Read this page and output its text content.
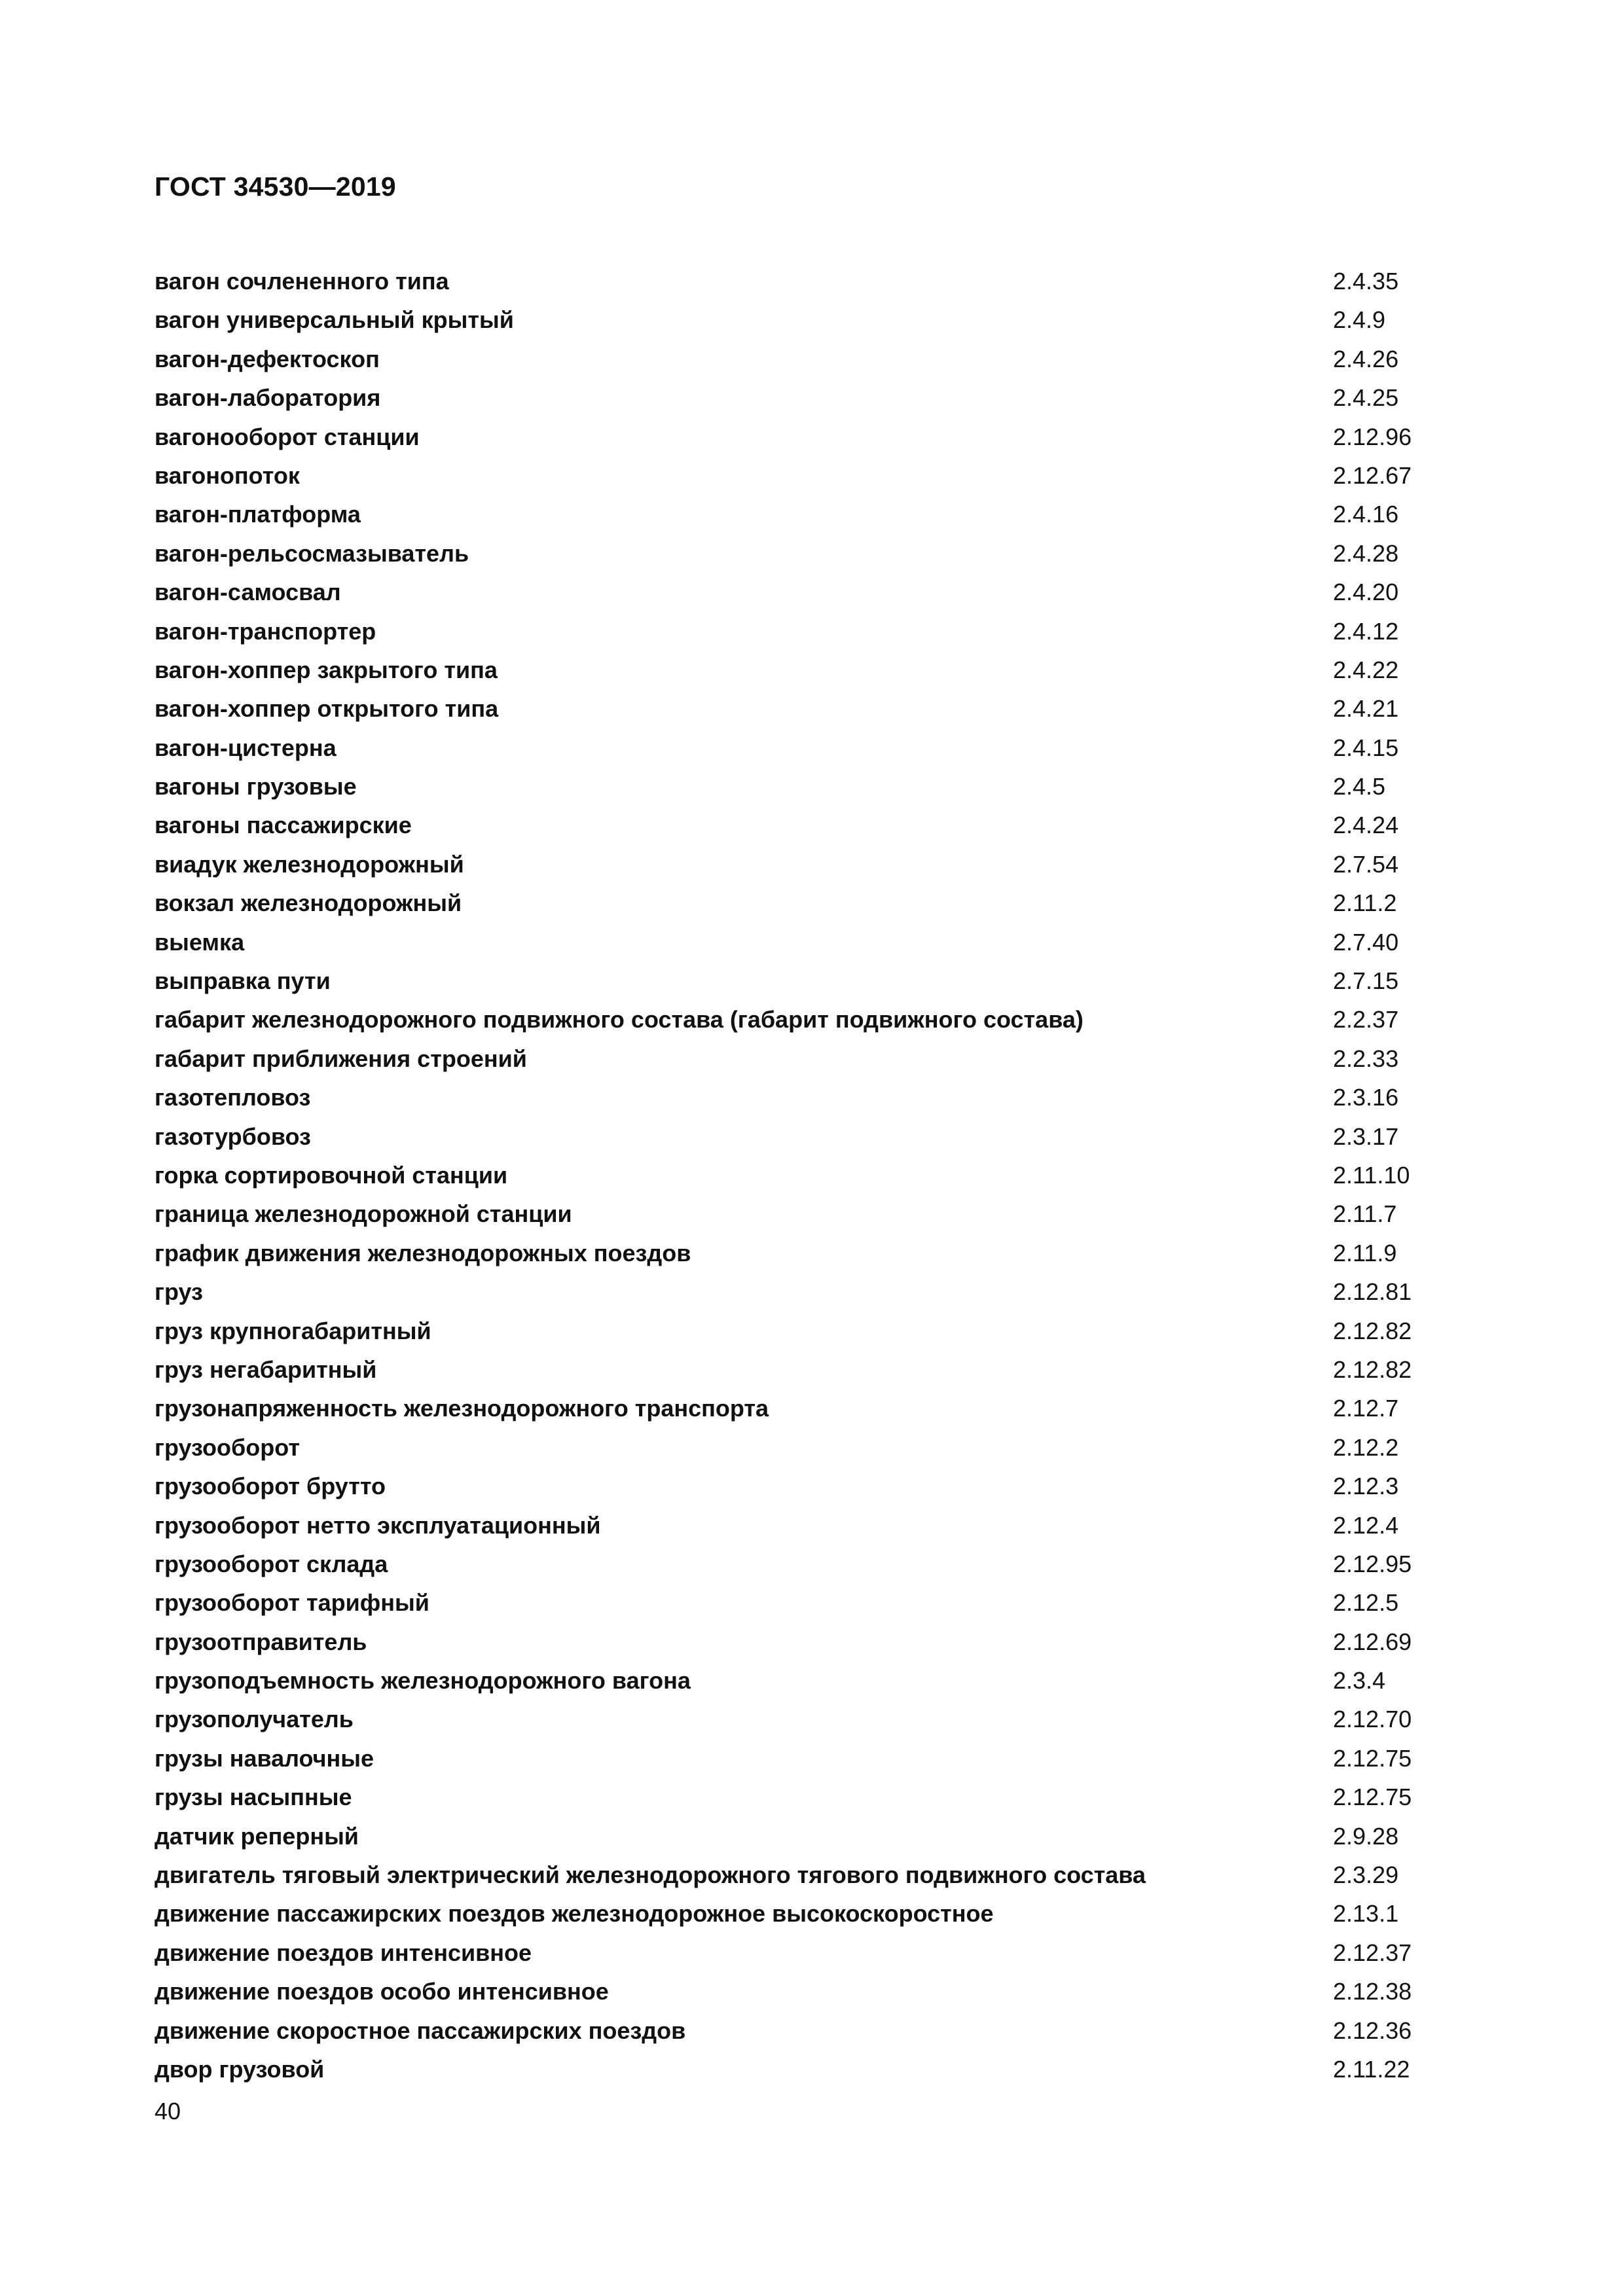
ГОСТ 34530—2019
вагон сочлененного типа	2.4.35
вагон универсальный крытый	2.4.9
вагон-дефектоскоп	2.4.26
вагон-лаборатория	2.4.25
вагонооборот станции	2.12.96
вагонопоток	2.12.67
вагон-платформа	2.4.16
вагон-рельсосмазыватель	2.4.28
вагон-самосвал	2.4.20
вагон-транспортер	2.4.12
вагон-хоппер закрытого типа	2.4.22
вагон-хоппер открытого типа	2.4.21
вагон-цистерна	2.4.15
вагоны грузовые	2.4.5
вагоны пассажирские	2.4.24
виадук железнодорожный	2.7.54
вокзал железнодорожный	2.11.2
выемка	2.7.40
выправка пути	2.7.15
габарит железнодорожного подвижного состава (габарит подвижного состава)	2.2.37
габарит приближения строений	2.2.33
газотепловоз	2.3.16
газотурбовоз	2.3.17
горка сортировочной станции	2.11.10
граница железнодорожной станции	2.11.7
график движения железнодорожных поездов	2.11.9
груз	2.12.81
груз крупногабаритный	2.12.82
груз негабаритный	2.12.82
грузонапряженность железнодорожного транспорта	2.12.7
грузооборот	2.12.2
грузооборот брутто	2.12.3
грузооборот нетто эксплуатационный	2.12.4
грузооборот склада	2.12.95
грузооборот тарифный	2.12.5
грузоотправитель	2.12.69
грузоподъемность железнодорожного вагона	2.3.4
грузополучатель	2.12.70
грузы навалочные	2.12.75
грузы насыпные	2.12.75
датчик реперный	2.9.28
двигатель тяговый электрический железнодорожного тягового подвижного состава	2.3.29
движение пассажирских поездов железнодорожное высокоскоростное	2.13.1
движение поездов интенсивное	2.12.37
движение поездов особо интенсивное	2.12.38
движение скоростное пассажирских поездов	2.12.36
двор грузовой	2.11.22
40
